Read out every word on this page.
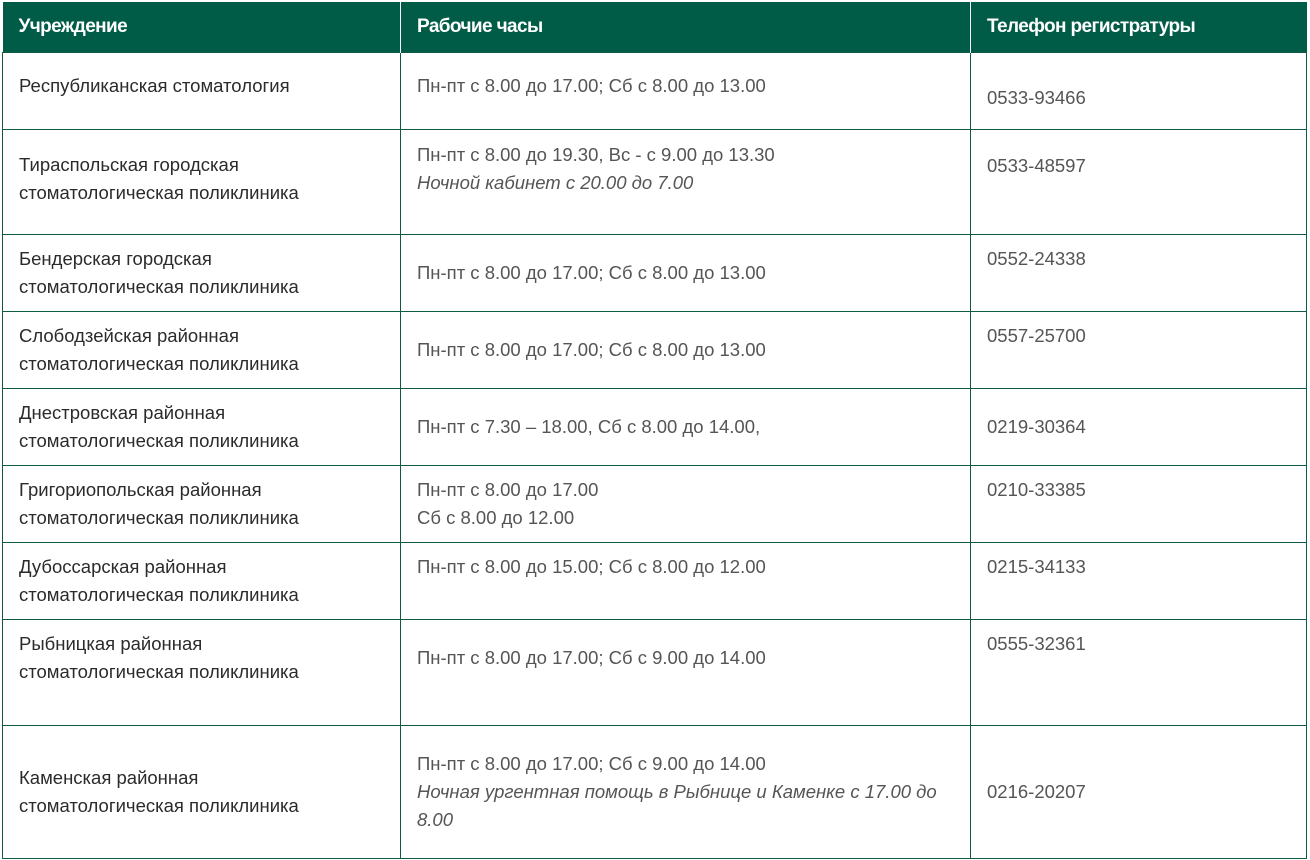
Учреждение	Рабочие часы	Телефон регистратуры

Республиканская стоматология	Пн-пт с 8.00 до 17.00; Сб с 8.00 до 13.00	0533-93466

Тираспольская городская
стоматологическая поликлиника	Пн-пт с 8.00 до 19.30, Вс - с 9.00 до 13.30
Ночной кабинет с 20.00 до 7.00	0533-48597

Бендерская городская
стоматологическая поликлиника	Пн-пт с 8.00 до 17.00; Сб с 8.00 до 13.00	0552-24338

Слободзейская районная
стоматологическая поликлиника	Пн-пт с 8.00 до 17.00; Сб с 8.00 до 13.00	0557-25700

Днестровская районная
стоматологическая поликлиника	Пн-пт с 7.30 – 18.00, Сб с 8.00 до 14.00,	0219-30364

Григориопольская районная
стоматологическая поликлиника	Пн-пт с 8.00 до 17.00
Сб с 8.00 до 12.00	0210-33385

Дубоссарская районная
стоматологическая поликлиника	Пн-пт с 8.00 до 15.00; Сб с 8.00 до 12.00	0215-34133

Рыбницкая районная
стоматологическая поликлиника	Пн-пт с 8.00 до 17.00; Сб с 9.00 до 14.00	0555-32361

Каменская районная
стоматологическая поликлиника	Пн-пт с 8.00 до 17.00; Сб с 9.00 до 14.00
Ночная ургентная помощь в Рыбнице и Каменке с 17.00 до 8.00	0216-20207
